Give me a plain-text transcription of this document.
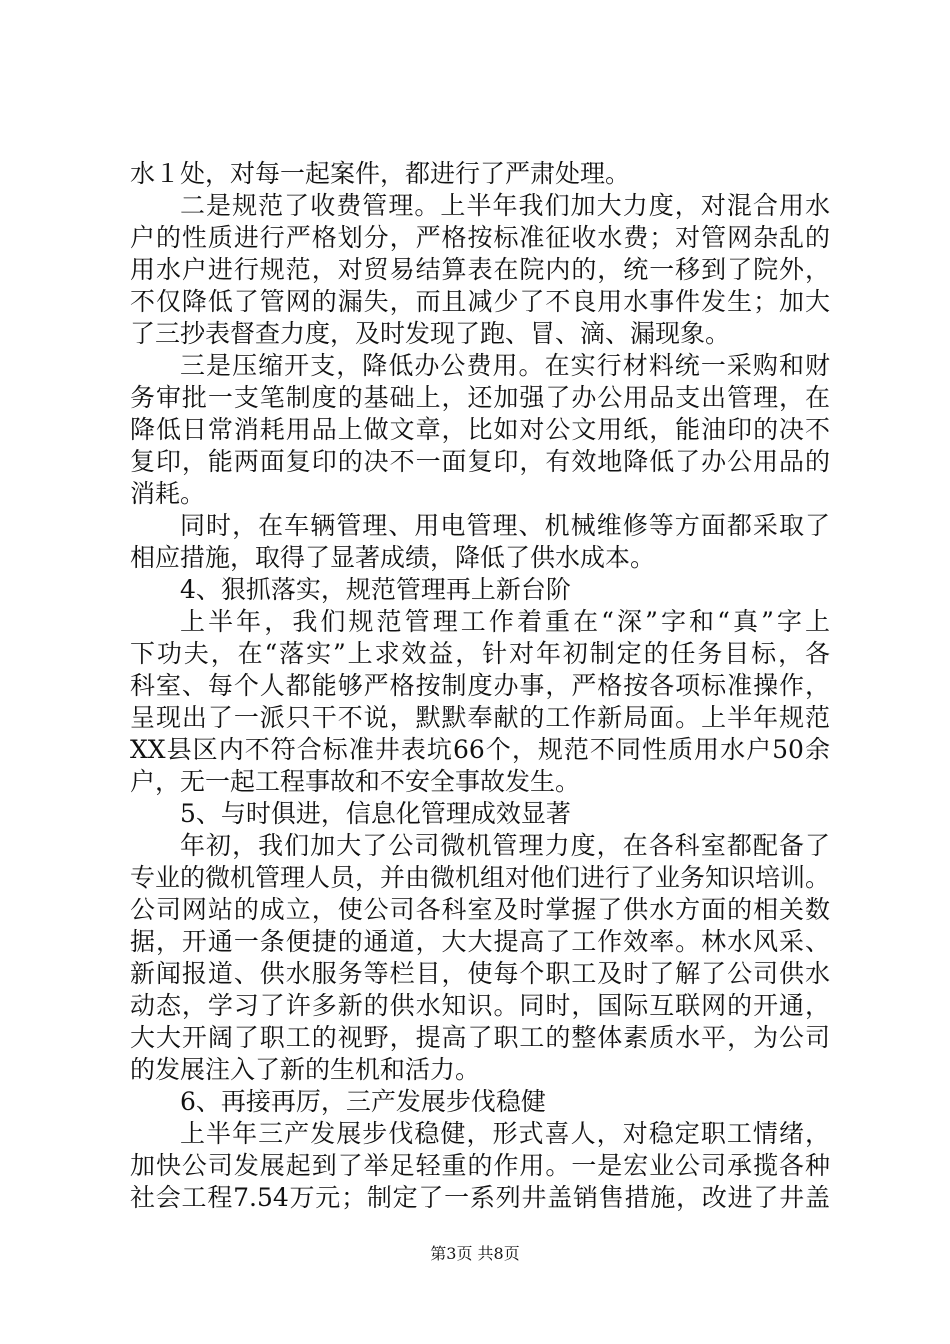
水１处，对每一起案件，都进行了严肃处理。
二是规范了收费管理。上半年我们加大力度，对混合用水
户的性质进行严格划分，严格按标准征收水费；对管网杂乱的
用水户进行规范，对贸易结算表在院内的，统一移到了院外，
不仅降低了管网的漏失，而且减少了不良用水事件发生；加大
了三抄表督查力度，及时发现了跑、冒、滴、漏现象。
三是压缩开支，降低办公费用。在实行材料统一采购和财
务审批一支笔制度的基础上，还加强了办公用品支出管理，在
降低日常消耗用品上做文章，比如对公文用纸，能油印的决不
复印，能两面复印的决不一面复印，有效地降低了办公用品的
消耗。
同时，在车辆管理、用电管理、机械维修等方面都采取了
相应措施，取得了显著成绩，降低了供水成本。
4、狠抓落实，规范管理再上新台阶
上半年，我们规范管理工作着重在“深”字和“真”字上
下功夫，在“落实”上求效益，针对年初制定的任务目标，各
科室、每个人都能够严格按制度办事，严格按各项标准操作，
呈现出了一派只干不说，默默奉献的工作新局面。上半年规范
XX县区内不符合标准井表坑66个，规范不同性质用水户50余
户，无一起工程事故和不安全事故发生。
5、与时俱进，信息化管理成效显著
年初，我们加大了公司微机管理力度，在各科室都配备了
专业的微机管理人员，并由微机组对他们进行了业务知识培训。
公司网站的成立，使公司各科室及时掌握了供水方面的相关数
据，开通一条便捷的通道，大大提高了工作效率。林水风采、
新闻报道、供水服务等栏目，使每个职工及时了解了公司供水
动态，学习了许多新的供水知识。同时，国际互联网的开通，
大大开阔了职工的视野，提高了职工的整体素质水平，为公司
的发展注入了新的生机和活力。
6、再接再厉，三产发展步伐稳健
上半年三产发展步伐稳健，形式喜人，对稳定职工情绪，
加快公司发展起到了举足轻重的作用。一是宏业公司承揽各种
社会工程7.54万元；制定了一系列井盖销售措施，改进了井盖
第3页 共8页
